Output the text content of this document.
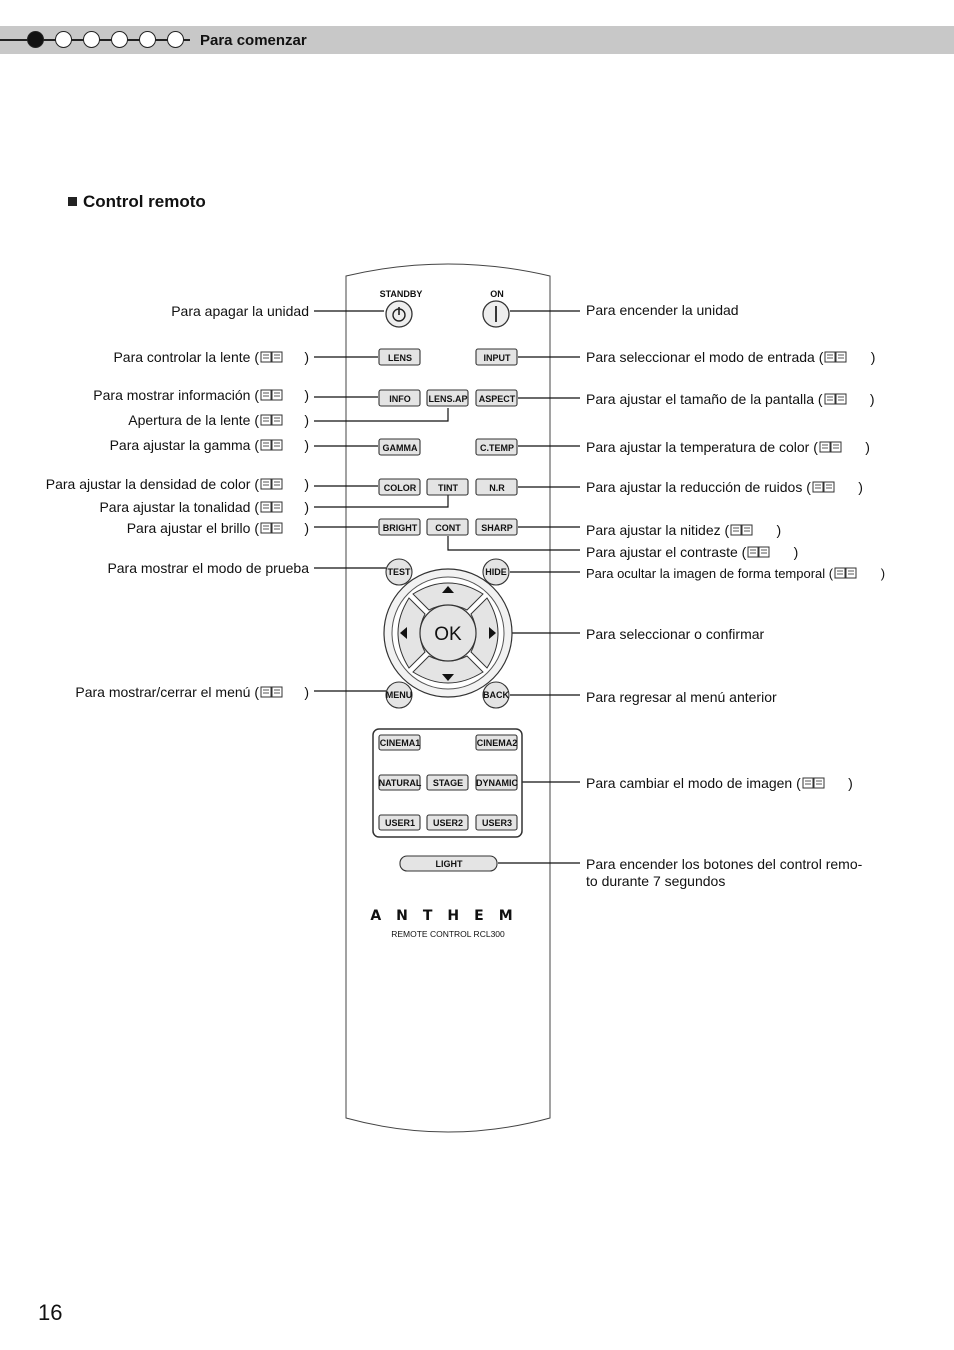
Para comenzar
Control remoto
STANDBY	ON
LENS	INPUT
INFO LENS.AP ASPECT
GAMMA	C.TEMP
COLOR TINT	N.R
BRIGHT CONT SHARP
TEST	HIDE
OK
MENU	BACK
CINEMA1	CINEMA2
NATURAL STAGE DYNAMIC
USER1 USER2 USER3
LIGHT
ANTHEM
REMOTE CONTROL RCL300
Para apagar la unidad
Para controlar la lente (	)
Para mostrar información (	)
Apertura de la lente (	)
Para ajustar la gamma (	)
Para ajustar la densidad de color (	)
Para ajustar la tonalidad (	)
Para ajustar el brillo (	)
Para mostrar el modo de prueba
Para mostrar/cerrar el menú (	)
Para encender la unidad
Para seleccionar el modo de entrada (	)
Para ajustar el tamaño de la pantalla (	)
Para ajustar la temperatura de color (	)
Para ajustar la reducción de ruidos (	)
Para ajustar la nitidez (	)
Para ajustar el contraste (	)
Para ocultar la imagen de forma temporal (	)
Para seleccionar o confirmar
Para regresar al menú anterior
Para cambiar el modo de imagen (	)
Para encender los botones del control remo-
to durante 7 segundos
16
